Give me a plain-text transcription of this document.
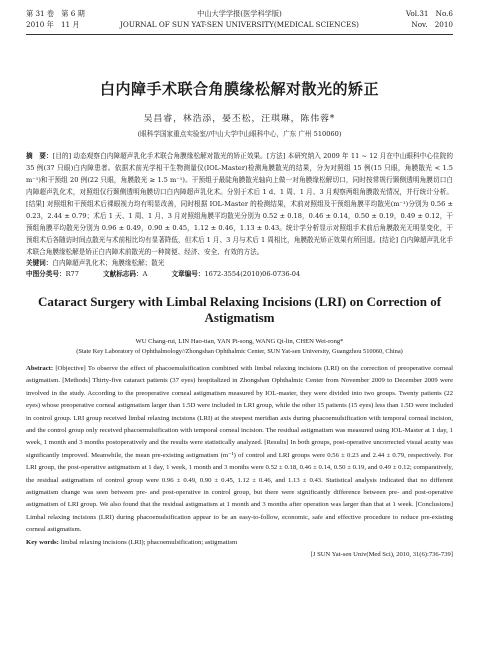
第 31 卷　第 6 期
2010 年　11 月
中山大学学报(医学科学版)
JOURNAL OF SUN YAT-SEN UNIVERSITY(MEDICAL SCIENCES)
Vol.31　No.6
Nov.　2010
白内障手术联合角膜缘松解对散光的矫正
吴昌睿，林浩添，晏丕松，汪琪琳，陈伟蓉*
(眼科学国家重点实验室//中山大学中山眼科中心，广东 广州 510060)
摘　要：[目的] 动态观察白内障超声乳化手术联合角膜缘松解对散光的矫正效果。[方法] 本研究纳入 2009 年 11 ~ 12 月在中山眼科中心住院的 35 例(37 只眼)白内障患者。依据术前光学相干生物测量仪(IOL-Master)检测角膜散光的结果，分为对照组 15 例(15 只眼，角膜散光 < 1.5 m⁻¹)和干预组 20 例(22 只眼，角膜散光 ≥ 1.5 m⁻¹)。干预组于最陡角膜散光轴向上做一对角膜缘松解切口，同时按常规行颞侧透明角膜切口白内障超声乳化术，对照组仅行颞侧透明角膜切口白内障超声乳化术。分别于术后 1 d、1 周、1 月、3 月观察两组角膜散光情况，并行统计分析。[结果] 对照组和干预组术后裸眼视力均有明显改善，同时根据 IOL-Master 的检测结果，术前对照组及干预组角膜平均散光(m⁻¹)分别为 0.56 ± 0.23，2.44 ± 0.79；术后 1 天、1 周、1 月、3 月对照组角膜平均散光分别为 0.52 ± 0.18，0.46 ± 0.14，0.50 ± 0.19，0.49 ± 0.12，干预组角膜平均散光分别为 0.96 ± 0.49，0.90 ± 0.45，1.12 ± 0.46，1.13 ± 0.43。统计学分析显示对照组手术前后角膜散光无明显变化，干预组术后各随访时间点散光与术前相比均有显著降低，但术后 1 月、3 月与术后 1 周相比，角膜散光矫正效果有所回退。[结论] 白内障超声乳化手术联合角膜缘松解是矫正白内障术前散光的一种简便、经济、安全、有效的方法。
关键词：白内障超声乳化术；角膜缘松解；散光
中图分类号：R77	文献标志码：A	文章编号：1672-3554(2010)06-0736-04
Cataract Surgery with Limbal Relaxing Incisions (LRI) on Correction of Astigmatism
WU Chang-rui, LIN Hao-tian, YAN Pi-song, WANG Qi-lin, CHEN Wei-rong*
(State Key Laboratory of Ophthalmology//Zhongshan Ophthalmic Center, SUN Yat-sen University, Guangzhou 510060, China)
Abstract: [Objective] To observe the effect of phacoemulsification combined with limbal relaxing incisions (LRI) on the correction of preoperative corneal astigmatism. [Methods] Thirty-five cataract patients (37 eyes) hospitalized in Zhongshan Ophthalmic Center from November 2009 to December 2009 were involved in the study. According to the preoperative corneal astigmatism measured by IOL-master, they were divided into two groups. Twenty patients (22 eyes) whose preoperative corneal astigmatism larger than 1.5D were included in LRI group, while the other 15 patients (15 eyes) less than 1.5D were included in control group. LRI group received limbal relaxing incisions (LRI) at the steepest meridian axis during phacoemulsification with temporal corneal incision, and the control group only received phacoemulsification with temporal corneal incision. The residual astigmatism was measured using IOL-Master at 1 day, 1 week, 1 month and 3 months postoperatively and the results were statistically analyzed. [Results] In both groups, post-operative uncorrected visual acuity was significantly improved. Meanwhile, the mean pre-existing astigmatism (m⁻¹) of control and LRI groups were 0.56 ± 0.23 and 2.44 ± 0.79, respectively. For LRI group, the post-operative astigmatism at 1 day, 1 week, 1 month and 3 months were 0.52 ± 0.18, 0.46 ± 0.14, 0.50 ± 0.19, and 0.49 ± 0.12; comparatively, the residual astigmatism of control group were 0.96 ± 0.49, 0.90 ± 0.45, 1.12 ± 0.46, and 1.13 ± 0.43. Statistical analysis indicated that no different astigmatism change was seen between pre- and post-operative in control group, but there were significantly difference between pre- and post-operative astigmatism of LRI group. We also found that the residual astigmatism at 1 month and 3 months after operation was larger than that at 1 week. [Conclusions] Limbal relaxing incisions (LRI) during phacoemulsification appear to be an easy-to-follow, economic, safe and effective procedure to reduce pre-existing corneal astigmatism.
Key words: limbal relaxing incisions (LRI); phacoemulsification; astigmatism
[J SUN Yat-sen Univ(Med Sci), 2010, 31(6):736-739]
